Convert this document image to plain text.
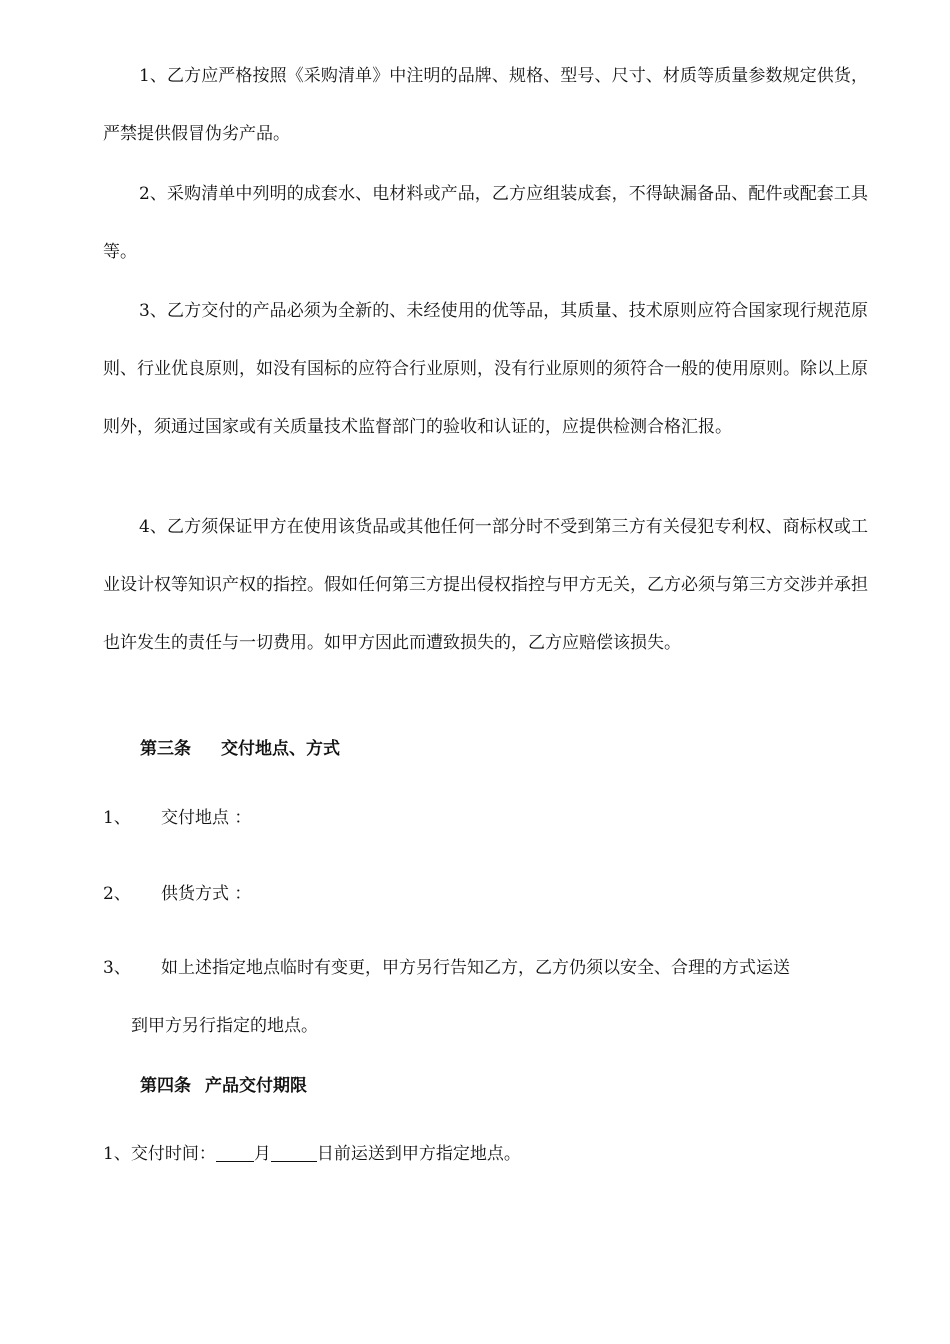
1、乙方应严格按照《采购清单》中注明的品牌、规格、型号、尺寸、材质等质量参数规定供货，严禁提供假冒伪劣产品。

2、采购清单中列明的成套水、电材料或产品，乙方应组装成套，不得缺漏备品、配件或配套工具等。

3、乙方交付的产品必须为全新的、未经使用的优等品，其质量、技术原则应符合国家现行规范原则、行业优良原则，如没有国标的应符合行业原则，没有行业原则的须符合一般的使用原则。除以上原则外，须通过国家或有关质量技术监督部门的验收和认证的，应提供检测合格汇报。

4、乙方须保证甲方在使用该货品或其他任何一部分时不受到第三方有关侵犯专利权、商标权或工业设计权等知识产权的指控。假如任何第三方提出侵权指控与甲方无关，乙方必须与第三方交涉并承担也许发生的责任与一切费用。如甲方因此而遭致损失的，乙方应赔偿该损失。

第三条 交付地点、方式

1、 交付地点 ：

2、 供货方式 ：

3、 如上述指定地点临时有变更，甲方另行告知乙方，乙方仍须以安全、合理的方式运送
到甲方另行指定的地点。

第四条 产品交付期限

1、交付时间： 月	日前运送到甲方指定地点。
